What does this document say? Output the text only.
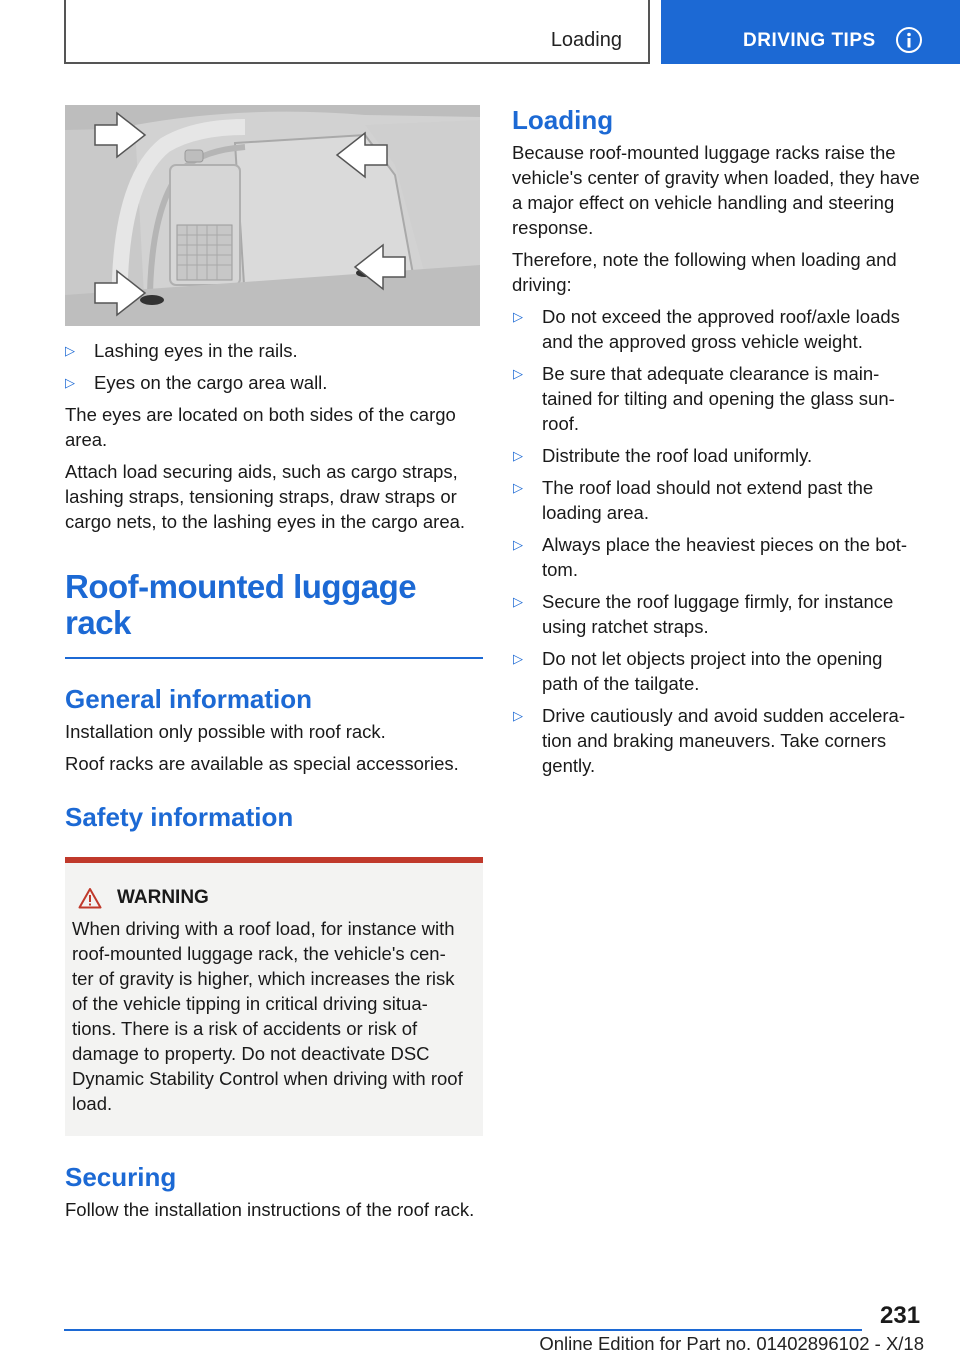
Loading	DRIVING TIPS
▷	Lashing eyes in the rails.
▷	Eyes on the cargo area wall.

The eyes are located on both sides of the cargo area.

Attach load securing aids, such as cargo straps, lashing straps, tensioning straps, draw straps or cargo nets, to the lashing eyes in the cargo area.

Roof-mounted luggage rack
General information

Installation only possible with roof rack.

Roof racks are available as special accessories.

Safety information
WARNING
When driving with a roof load, for instance with roof-mounted luggage rack, the vehicle's cen-ter of gravity is higher, which increases the risk of the vehicle tipping in critical driving situa-tions. There is a risk of accidents or risk of damage to property. Do not deactivate DSC Dynamic Stability Control when driving with roof load.
Securing

Follow the installation instructions of the roof rack.

Loading

Because roof-mounted luggage racks raise the vehicle's center of gravity when loaded, they have a major effect on vehicle handling and steering response.

Therefore, note the following when loading and driving:

▷	Do not exceed the approved roof/axle loads and the approved gross vehicle weight.
▷	Be sure that adequate clearance is main-tained for tilting and opening the glass sun-roof.
▷	Distribute the roof load uniformly.
▷	The roof load should not extend past the loading area.
▷	Always place the heaviest pieces on the bot-tom.
▷	Secure the roof luggage firmly, for instance using ratchet straps.
▷	Do not let objects project into the opening path of the tailgate.
▷	Drive cautiously and avoid sudden accelera-tion and braking maneuvers. Take corners gently.
231
Online Edition for Part no. 01402896102 - X/18
